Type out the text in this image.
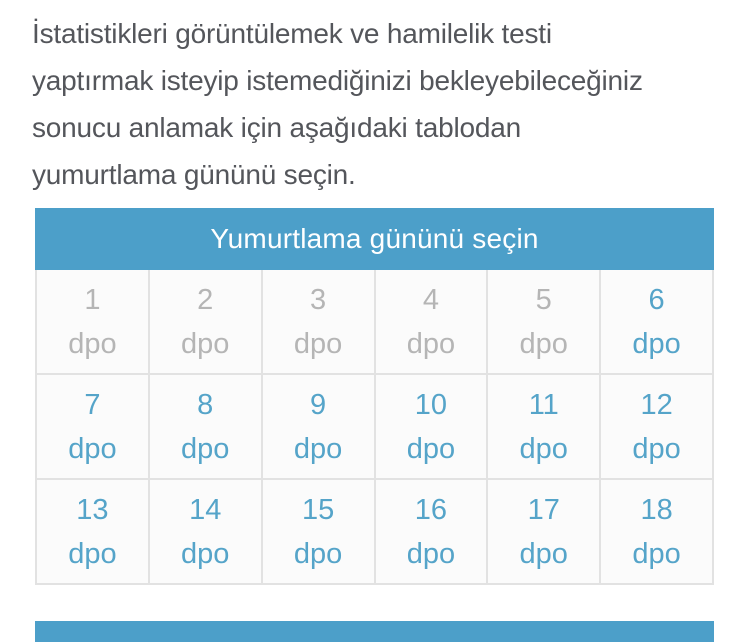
İstatistikleri görüntülemek ve hamilelik testi
yaptırmak isteyip istemediğinizi bekleyebileceğiniz
sonucu anlamak için aşağıdaki tablodan
yumurtlama gününü seçin.
Yumurtlama gününü seçin
1
dpo
2
dpo
3
dpo
4
dpo
5
dpo
6
dpo
7
dpo
8
dpo
9
dpo
10
dpo
11
dpo
12
dpo
13
dpo
14
dpo
15
dpo
16
dpo
17
dpo
18
dpo
